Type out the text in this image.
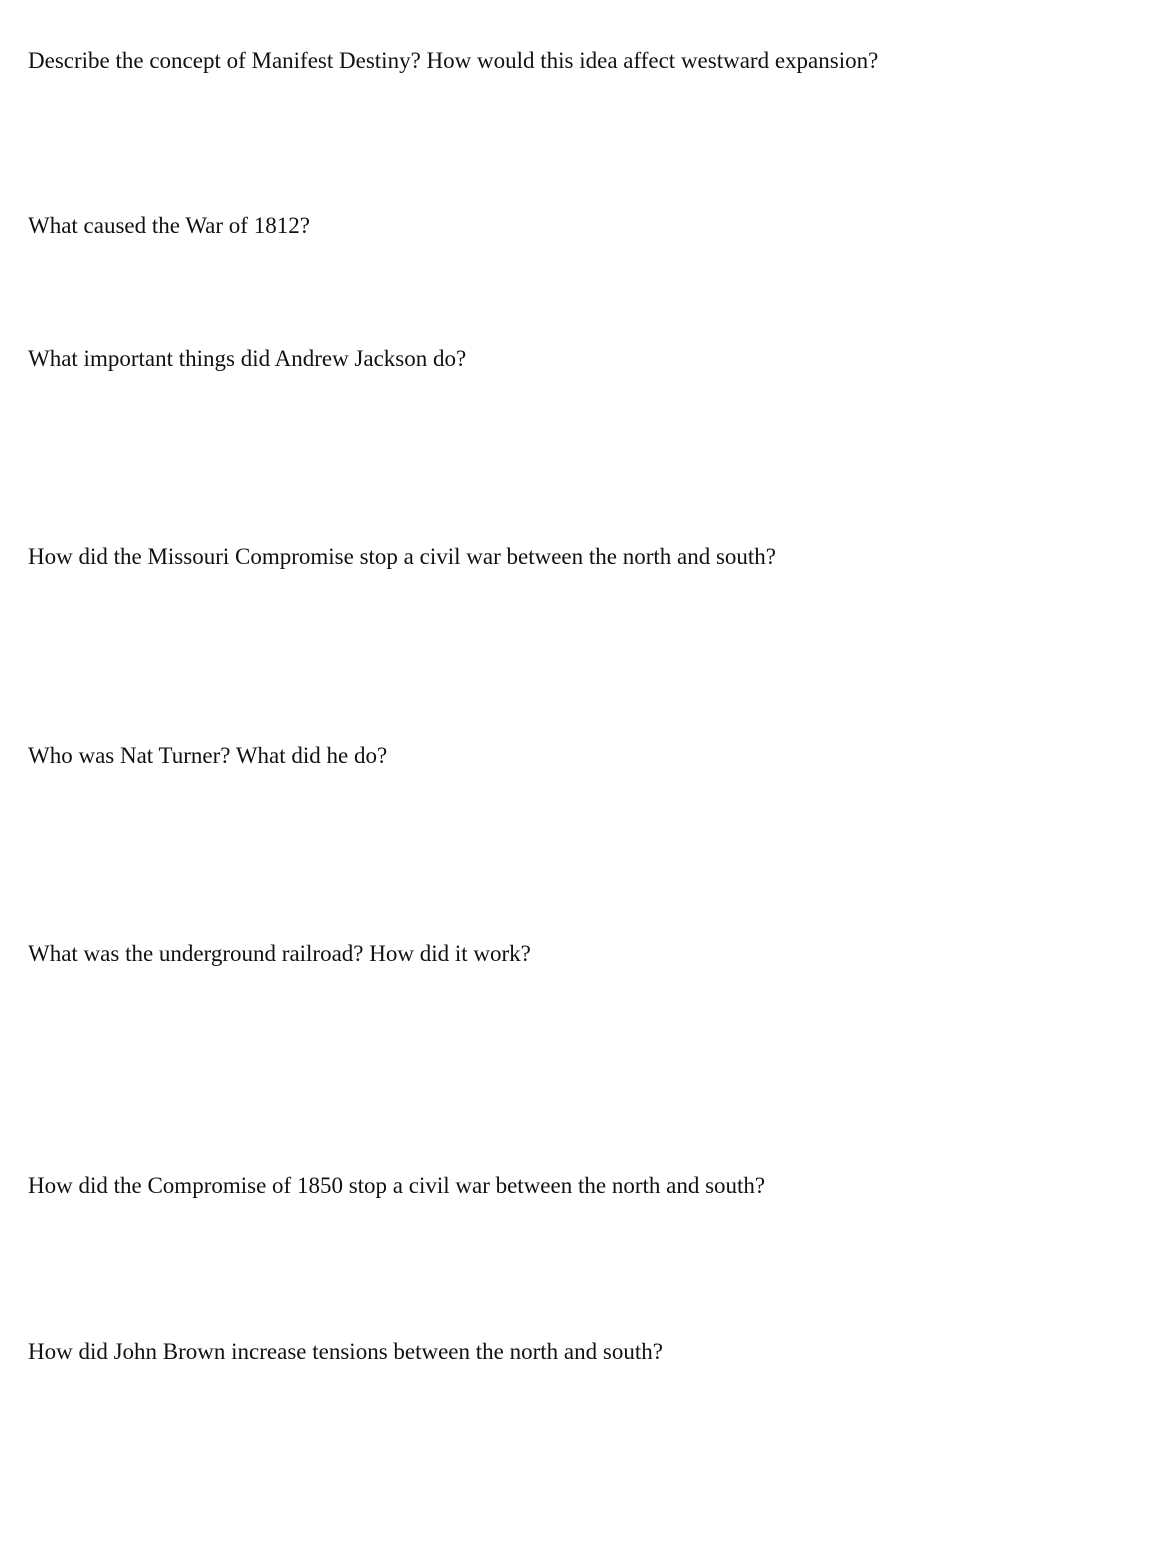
Describe the concept of Manifest Destiny? How would this idea affect westward expansion?

What caused the War of 1812?

What important things did Andrew Jackson do?

How did the Missouri Compromise stop a civil war between the north and south?

Who was Nat Turner? What did he do?

What was the underground railroad? How did it work?

How did the Compromise of 1850 stop a civil war between the north and south?

How did John Brown increase tensions between the north and south?
